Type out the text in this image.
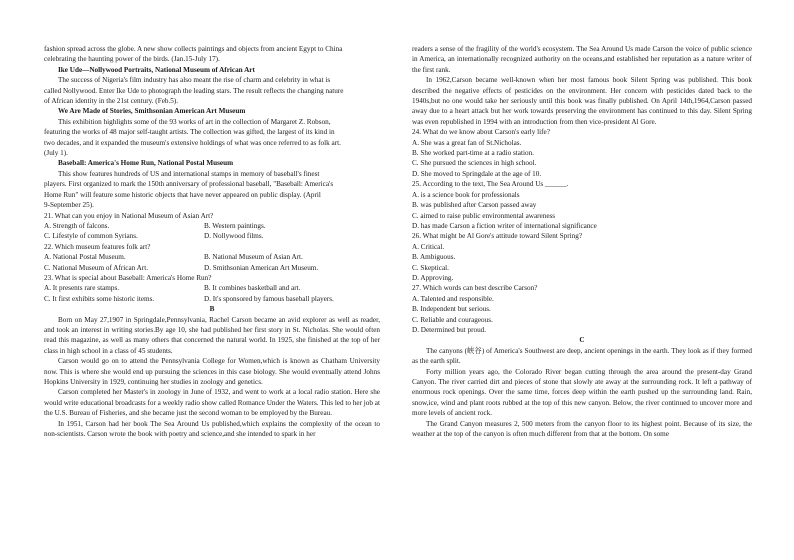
fashion spread across the globe. A new show collects paintings and objects from ancient Egypt to China

celebrating the haunting power of the birds. (Jan.15-July 17).

Ike Ude—Nollywood Portraits, National Museum of African Art

The success of Nigeria's film industry has also meant the rise of charm and celebrity in what is

called Nollywood. Enter Ike Ude to photograph the leading stars. The result reflects the changing nature

of African identity in the 21st century. (Feb.5).

We Are Made of Stories, Smithsonian American Art Museum

This exhibition highlights some of the 93 works of art in the collection of Margaret Z. Robson,

featuring the works of 48 major self-taught artists. The collection was gifted, the largest of its kind in

two decades, and it expanded the museum's extensive holdings of what was once referred to as folk art.

(July 1).

Baseball: America's Home Run, National Postal Museum

This show features hundreds of US and international stamps in memory of baseball's finest

players. First organized to mark the 150th anniversary of professional baseball, "Baseball: America's

Home Run" will feature some historic objects that have never appeared on public display. (April

9-September 25).

21. What can you enjoy in National Museum of Asian Art?

A. Strength of falcons.	B. Western paintings.
C. Lifestyle of common Syrians.	D. Nollywood films.

22. Which museum features folk art?

A. National Postal Museum.	B. National Museum of Asian Art.
C. National Museum of African Art.	D. Smithsonian American Art Museum.

23. What is special about Baseball: America's Home Run?

A. It presents rare stamps.	B. It combines basketball and art.
C. It first exhibits some historic items.	D. It's sponsored by famous baseball players.

B

Born on May 27,1907 in Springdale,Pennsylvania, Rachel Carson became an avid explorer as well as reader, and took an interest in writing stories.By age 10, she had published her first story in St. Nicholas. She would often read this magazine, as well as many others that concerned the natural world. In 1925, she finished at the top of her class in high school in a class of 45 students.

Carson would go on to attend the Pennsylvania College for Women,which is known as Chatham University now. This is where she would end up pursuing the sciences in this case biology. She would eventually attend Johns Hopkins University in 1929, continuing her studies in zoology and genetics.

Carson completed her Master's in zoology in June of 1932, and went to work at a local radio station. Here she would write educational broadcasts for a weekly radio show called Romance Under the Waters. This led to her job at the U.S. Bureau of Fisheries, and she became just the second woman to be employed by the Bureau.

In 1951, Carson had her book The Sea Around Us published,which explains the complexity of the ocean to non-scientists. Carson wrote the book with poetry and science,and she intended to spark in her

readers a sense of the fragility of the world's ecosystem. The Sea Around Us made Carson the voice of public science in America, an internationally recognized authority on the oceans,and established her reputation as a nature writer of the first rank.

In 1962,Carson became well-known when her most famous book Silent Spring was published. This book described the negative effects of pesticides on the environment. Her concern with pesticides dated back to the 1940s,but no one would take her seriously until this book was finally published. On April 14th,1964,Carson passed away due to a heart attack but her work towards preserving the environment has continued to this day. Silent Spring was even republished in 1994 with an introduction from then vice-president Al Gore.

24. What do we know about Carson's early life?

A. She was a great fan of St.Nicholas.

B. She worked part-time at a radio station.

C. She pursued the sciences in high school.

D. She moved to Springdale at the age of 10.

25. According to the text, The Sea Around Us ______.

A. is a science book for professionals

B. was published after Carson passed away

C. aimed to raise public environmental awareness

D. has made Carson a fiction writer of international significance

26. What might be Al Gore's attitude toward Silent Spring?

A. Critical.

B. Ambiguous.

C. Skeptical.

D. Approving.

27. Which words can best describe Carson?

A. Talented and responsible.

B. Independent but serious.

C. Reliable and courageous.

D. Determined but proud.

C

The canyons (峡谷) of America's Southwest are deep, ancient openings in the earth. They look as if they formed as the earth split.

Forty million years ago, the Colorado River began cutting through the area around the present-day Grand Canyon. The river carried dirt and pieces of stone that slowly ate away at the surrounding rock. It left a pathway of enormous rock openings. Over the same time, forces deep within the earth pushed up the surrounding land. Rain, snow,ice, wind and plant roots rubbed at the top of this new canyon. Below, the river continued to uncover more and more levels of ancient rock.

The Grand Canyon measures 2, 500 meters from the canyon floor to its highest point. Because of its size, the weather at the top of the canyon is often much different from that at the bottom. On some
